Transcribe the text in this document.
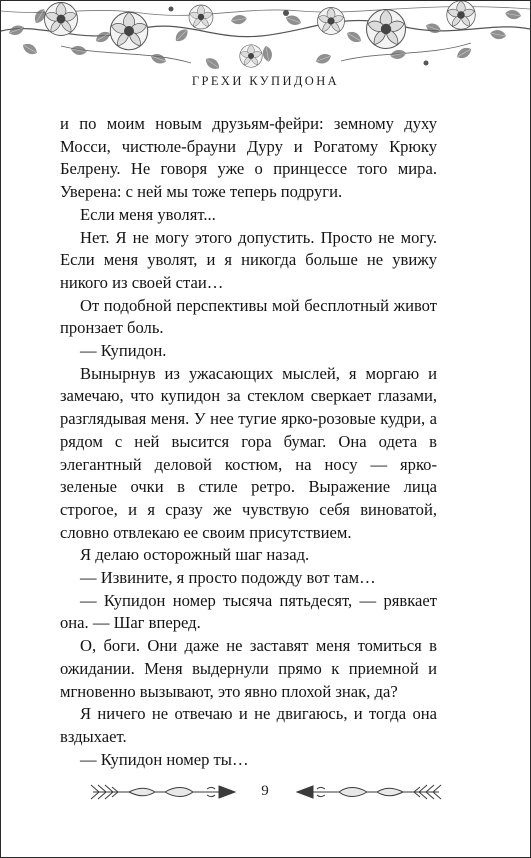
ГРЕХИ КУПИДОНА

и по моим новым друзьям-фейри: земному духу Мосси, чистюле-брауни Дуру и Рогатому Крюку Белрену. Не говоря уже о принцессе того мира. Уверена: с ней мы тоже теперь подруги.

Если меня уволят...

Нет. Я не могу этого допустить. Просто не могу. Если меня уволят, и я никогда больше не увижу никого из своей стаи…

От подобной перспективы мой бесплотный живот пронзает боль.

— Купидон.

Вынырнув из ужасающих мыслей, я моргаю и замечаю, что купидон за стеклом сверкает глазами, разглядывая меня. У нее тугие ярко-розовые кудри, а рядом с ней высится гора бумаг. Она одета в элегантный деловой костюм, на носу — ярко-зеленые очки в стиле ретро. Выражение лица строгое, и я сразу же чувствую себя виноватой, словно отвлекаю ее своим присутствием.

Я делаю осторожный шаг назад.

— Извините, я просто подожду вот там…

— Купидон номер тысяча пятьдесят, — рявкает она. — Шаг вперед.

О, боги. Они даже не заставят меня томиться в ожидании. Меня выдернули прямо к приемной и мгновенно вызывают, это явно плохой знак, да?

Я ничего не отвечаю и не двигаюсь, и тогда она вздыхает.

— Купидон номер ты…

9
